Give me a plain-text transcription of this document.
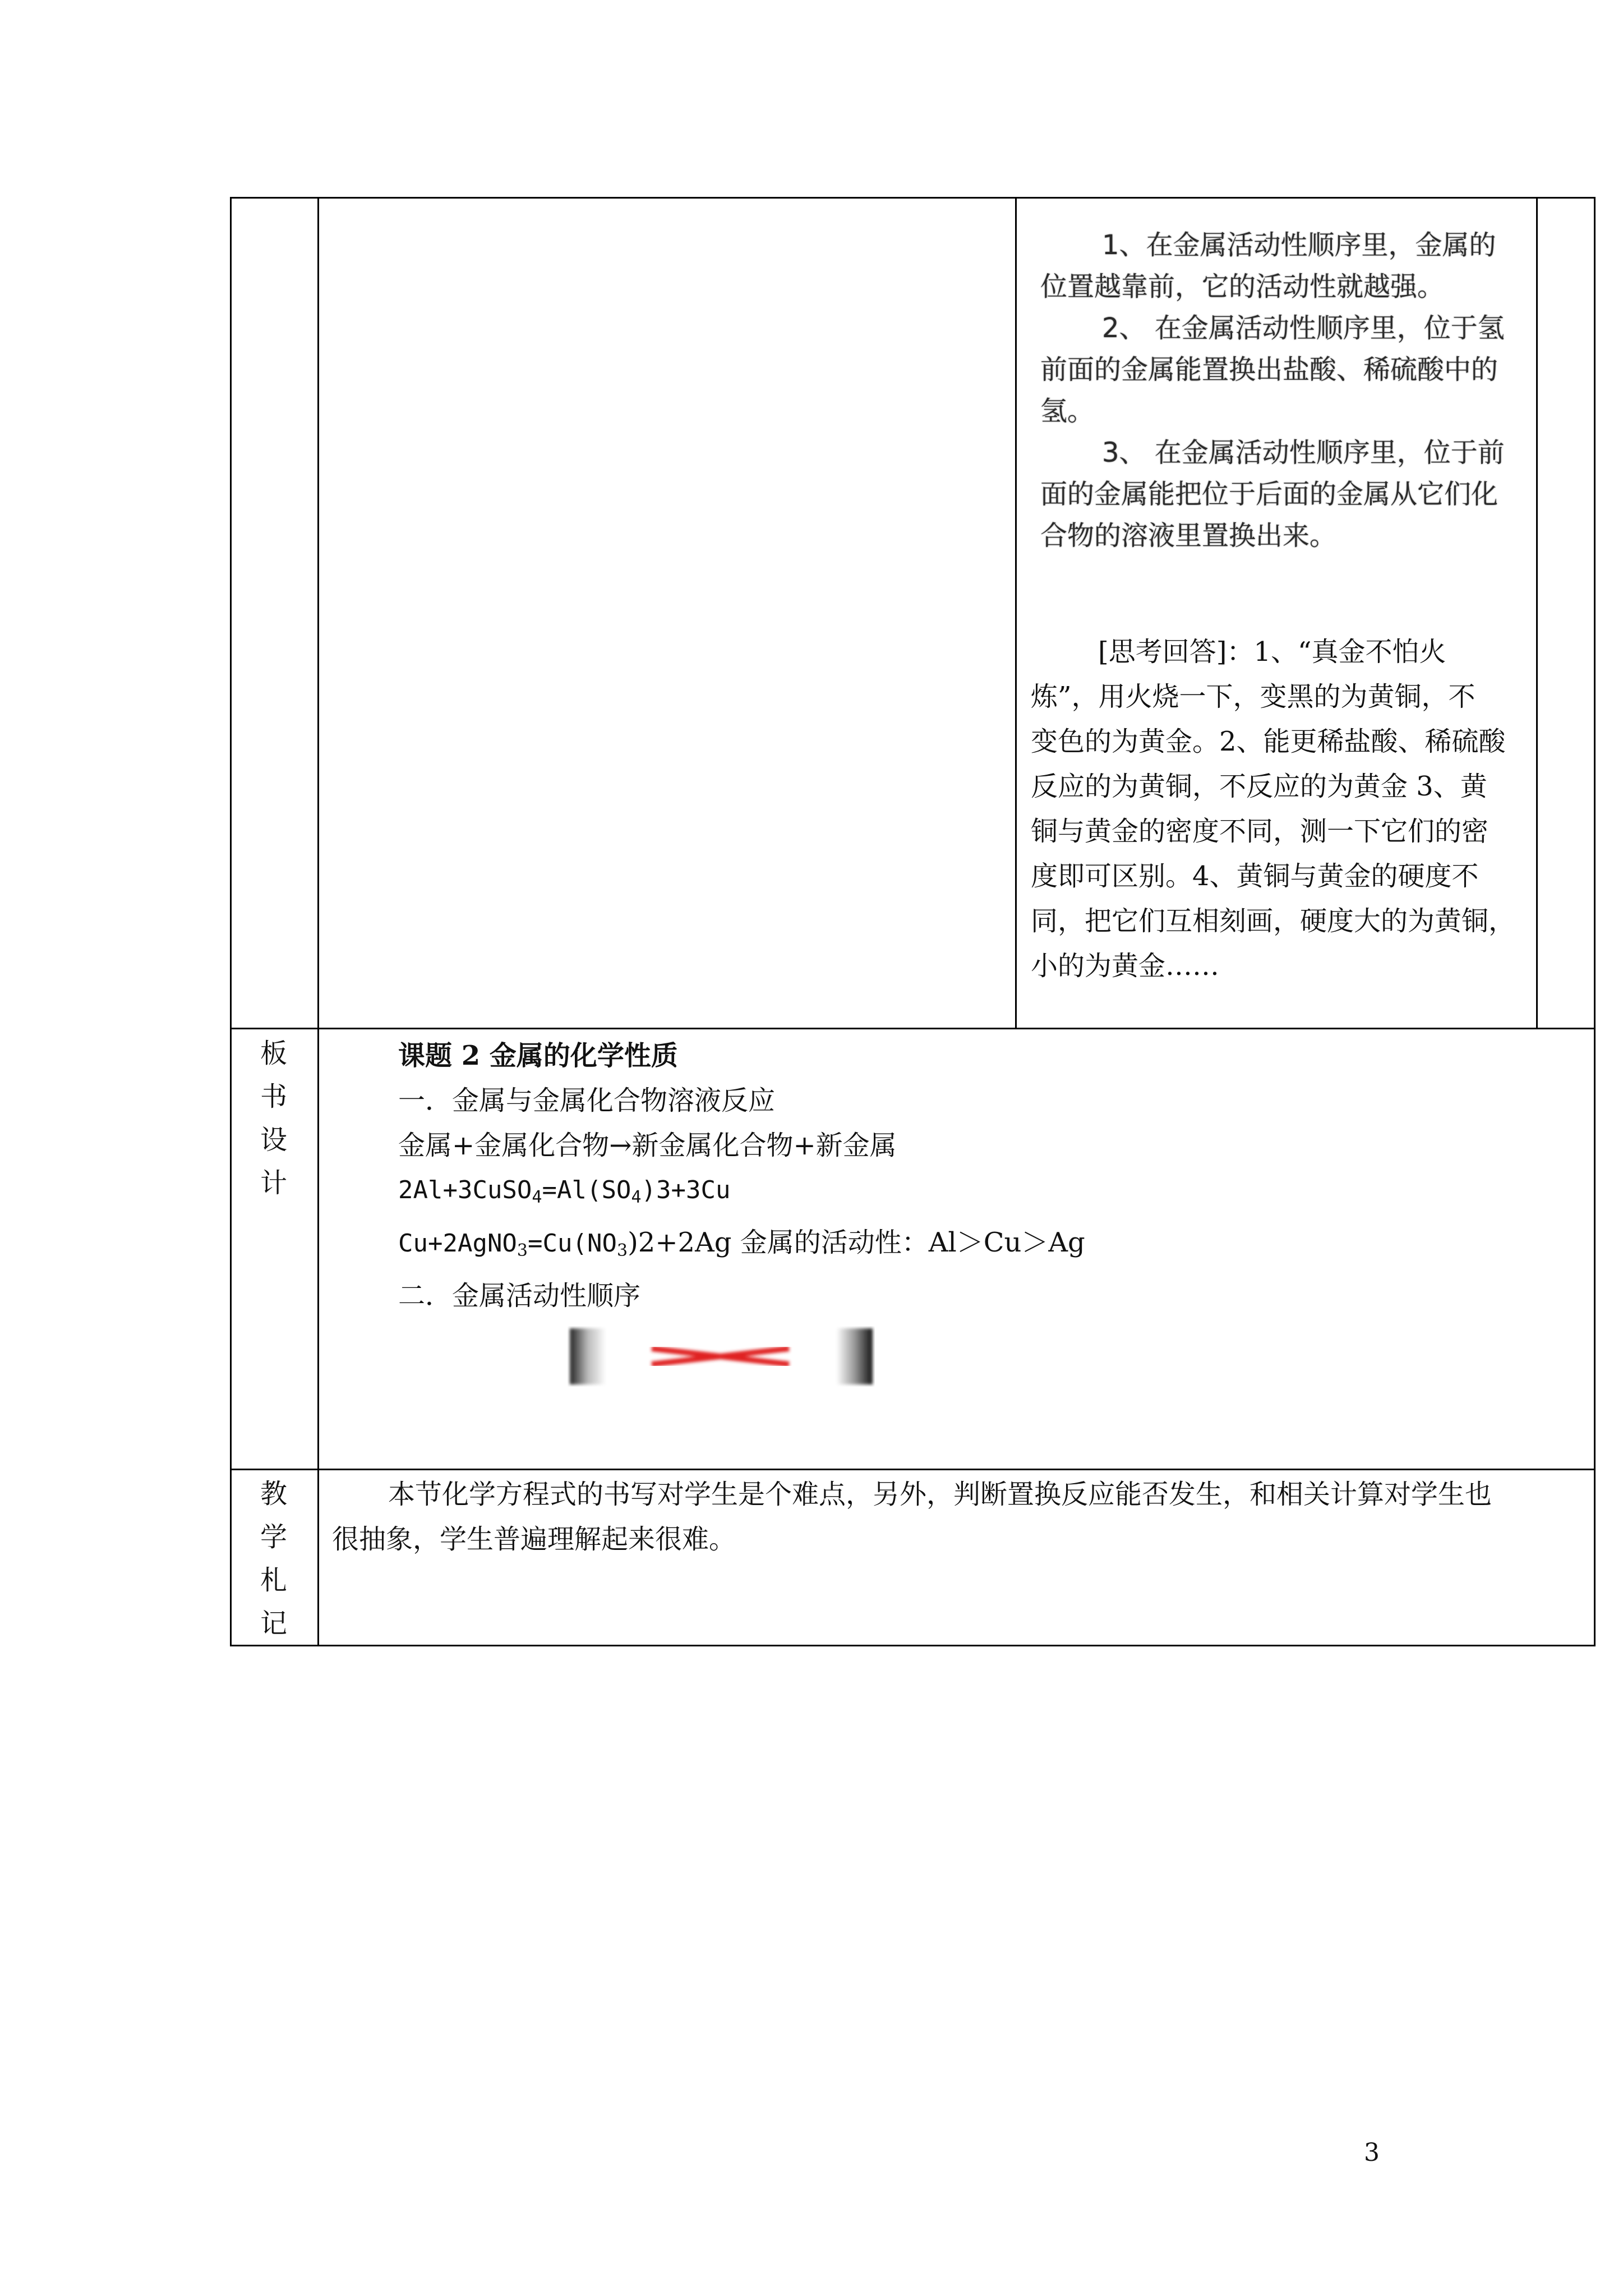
1、在金属活动性顺序里，金属的
位置越靠前，它的活动性就越强。
2、 在金属活动性顺序里，位于氢
前面的金属能置换出盐酸、稀硫酸中的
氢。
3、 在金属活动性顺序里，位于前
面的金属能把位于后面的金属从它们化
合物的溶液里置换出来。
[思考回答]：1、“真金不怕火
炼”，用火烧一下，变黑的为黄铜，不
变色的为黄金。2、能更稀盐酸、稀硫酸
反应的为黄铜，不反应的为黄金 3、黄
铜与黄金的密度不同，测一下它们的密
度即可区别。4、黄铜与黄金的硬度不
同，把它们互相刻画，硬度大的为黄铜，
小的为黄金……
板
书
设
计
课题 2 金属的化学性质
一．金属与金属化合物溶液反应
金属+金属化合物→新金属化合物+新金属
$2Al+3CuSO_4=Al(SO_4)3+3Cu$
$Cu+2AgNO_3=Cu(NO_3)2+2Ag$ 金属的活动性：Al＞Cu＞Ag
二．金属活动性顺序
教
学
札
记
本节化学方程式的书写对学生是个难点，另外，判断置换反应能否发生，和相关计算对学生也
很抽象，学生普遍理解起来很难。
3
